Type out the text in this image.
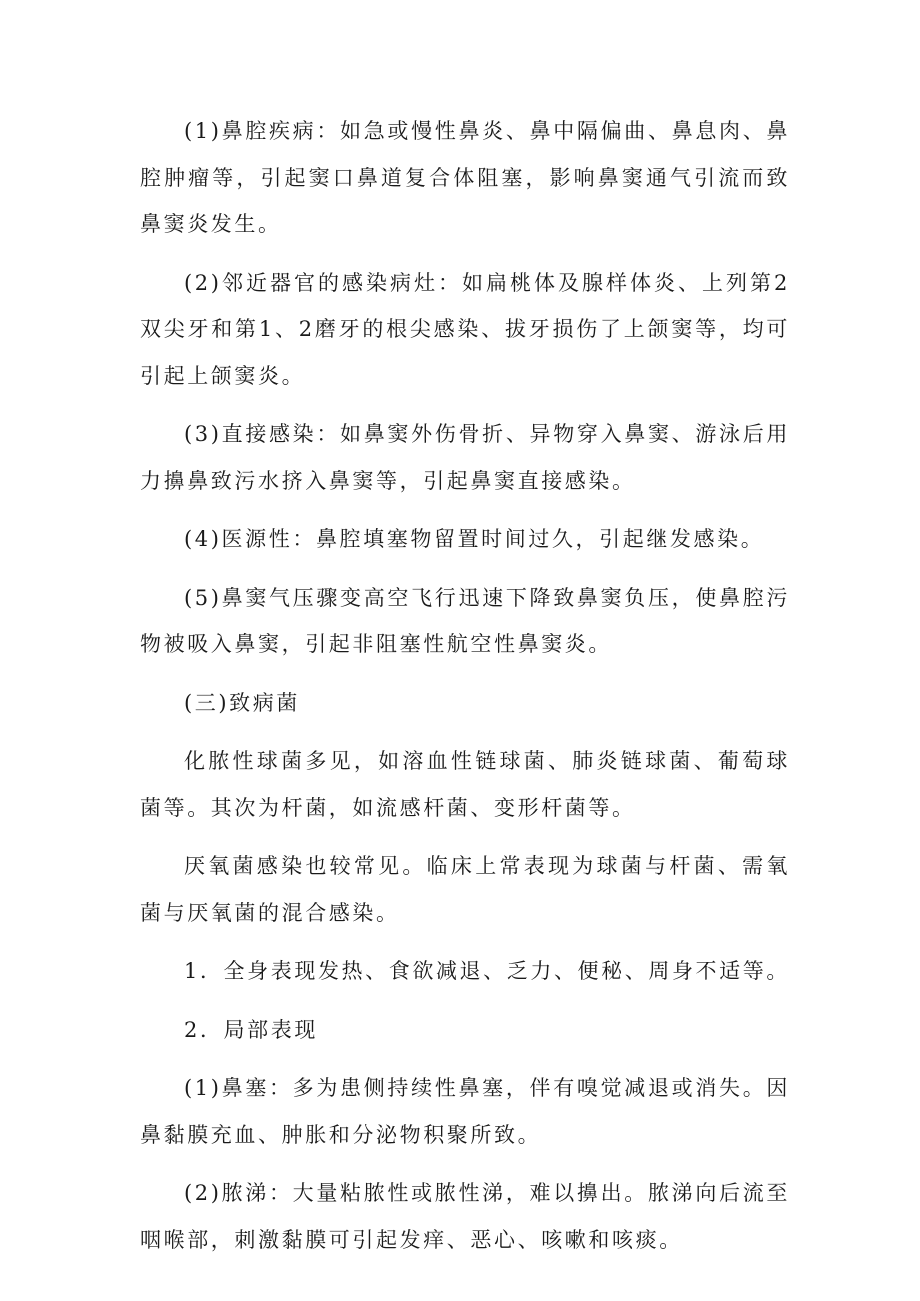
(1)鼻腔疾病：如急或慢性鼻炎、鼻中隔偏曲、鼻息肉、鼻腔肿瘤等，引起窦口鼻道复合体阻塞，影响鼻窦通气引流而致鼻窦炎发生。

(2)邻近器官的感染病灶：如扁桃体及腺样体炎、上列第2双尖牙和第1、2磨牙的根尖感染、拔牙损伤了上颌窦等，均可引起上颌窦炎。

(3)直接感染：如鼻窦外伤骨折、异物穿入鼻窦、游泳后用力擤鼻致污水挤入鼻窦等，引起鼻窦直接感染。

(4)医源性：鼻腔填塞物留置时间过久，引起继发感染。

(5)鼻窦气压骤变高空飞行迅速下降致鼻窦负压，使鼻腔污物被吸入鼻窦，引起非阻塞性航空性鼻窦炎。

(三)致病菌

化脓性球菌多见，如溶血性链球菌、肺炎链球菌、葡萄球菌等。其次为杆菌，如流感杆菌、变形杆菌等。

厌氧菌感染也较常见。临床上常表现为球菌与杆菌、需氧菌与厌氧菌的混合感染。

1．全身表现发热、食欲减退、乏力、便秘、周身不适等。

2．局部表现

(1)鼻塞：多为患侧持续性鼻塞，伴有嗅觉减退或消失。因鼻黏膜充血、肿胀和分泌物积聚所致。

(2)脓涕：大量粘脓性或脓性涕，难以擤出。脓涕向后流至咽喉部，刺激黏膜可引起发痒、恶心、咳嗽和咳痰。
